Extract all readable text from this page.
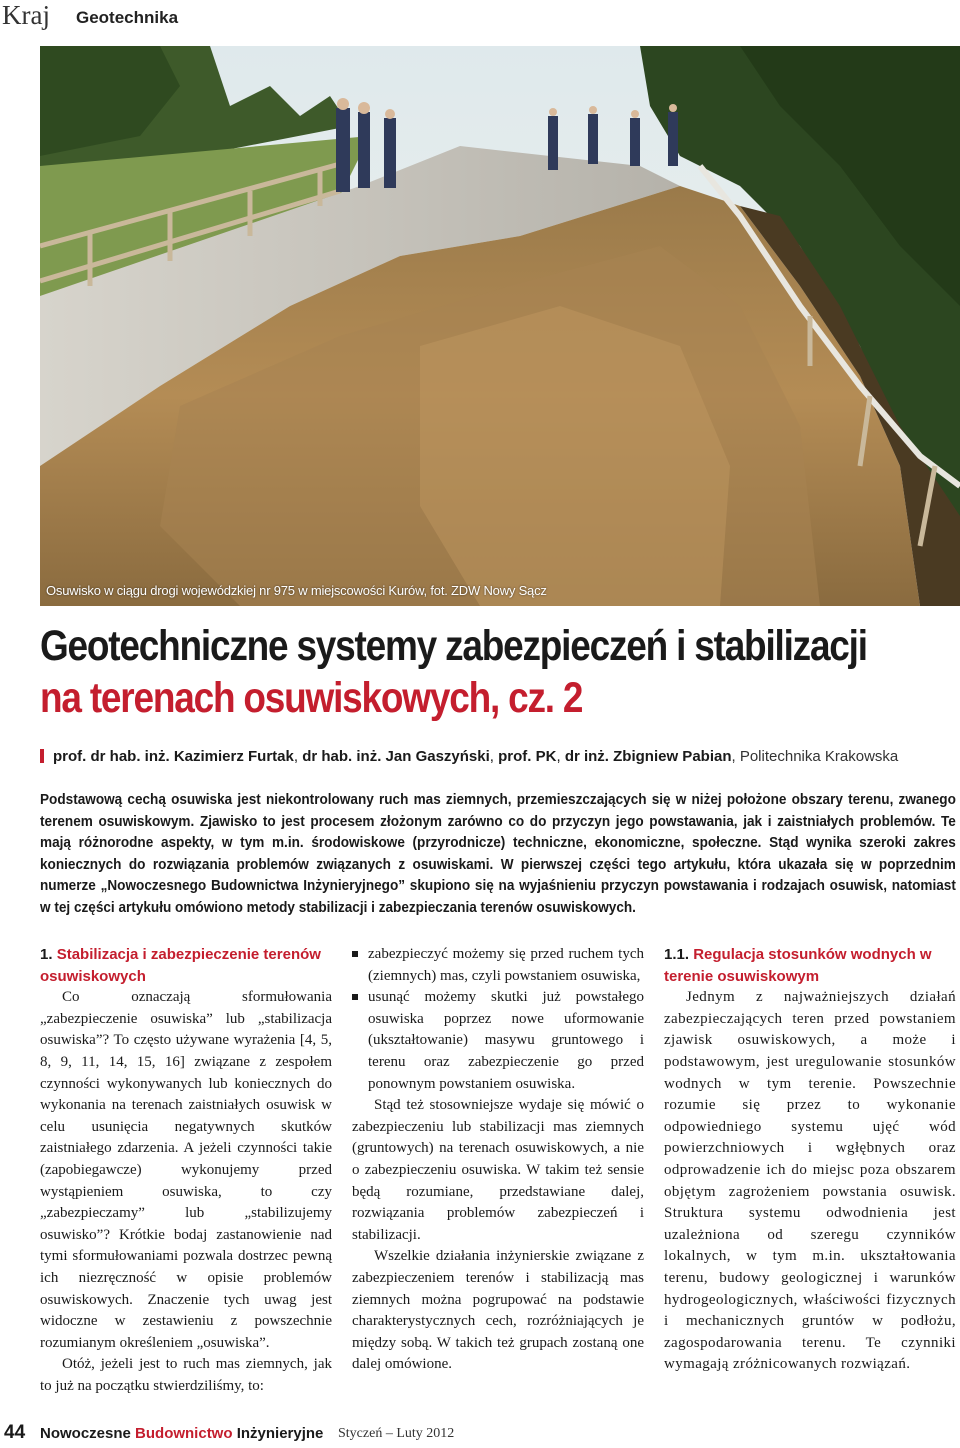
Kraj Geotechnika
Osuwisko w ciągu drogi wojewódzkiej nr 975 w miejscowości Kurów, fot. ZDW Nowy Sącz
Geotechniczne systemy zabezpieczeń i stabilizacji
na terenach osuwiskowych, cz. 2
prof. dr hab. inż. Kazimierz Furtak, dr hab. inż. Jan Gaszyński, prof. PK, dr inż. Zbigniew Pabian, Politechnika Krakowska
Podstawową cechą osuwiska jest niekontrolowany ruch mas ziemnych, przemieszczających się w niżej położone obszary terenu, zwanego terenem osuwiskowym. Zjawisko to jest procesem złożonym zarówno co do przyczyn jego powstawania, jak i zaistniałych problemów. Te mają różnorodne aspekty, w tym m.in. środowiskowe (przyrodnicze) techniczne, ekonomiczne, społeczne. Stąd wynika szeroki zakres koniecznych do rozwiązania problemów związanych z osuwiskami. W pierwszej części tego artykułu, która ukazała się w poprzednim numerze „Nowoczesnego Budownictwa Inżynieryjnego” skupiono się na wyjaśnieniu przyczyn powstawania i rodzajach osuwisk, natomiast w tej części artykułu omówiono metody stabilizacji i zabezpieczania terenów osuwiskowych.
1. Stabilizacja i zabezpieczenie terenów osuwiskowych

Co oznaczają sformułowania „zabezpieczenie osuwiska” lub „stabilizacja osuwiska”? To często używane wyrażenia [4, 5, 8, 9, 11, 14, 15, 16] związane z zespołem czynności wykonywanych lub koniecznych do wykonania na terenach zaistniałych osuwisk w celu usunięcia negatywnych skutków zaistniałego zdarzenia. A jeżeli czynności takie (zapobiegawcze) wykonujemy przed wystąpieniem osuwiska, to czy „zabezpieczamy” lub „stabilizujemy osuwisko”? Krótkie bodaj zastanowienie nad tymi sformułowaniami pozwala dostrzec pewną ich niezręczność w opisie problemów osuwiskowych. Znaczenie tych uwag jest widoczne w zestawieniu z powszechnie rozumianym określeniem „osuwiska”.

Otóż, jeżeli jest to ruch mas ziemnych, jak to już na początku stwierdziliśmy, to:

zabezpieczyć możemy się przed ruchem tych (ziemnych) mas, czyli powstaniem osuwiska,
usunąć możemy skutki już powstałego osuwiska poprzez nowe uformowanie (ukształtowanie) masywu gruntowego i terenu oraz zabezpieczenie go przed ponownym powstaniem osuwiska.

Stąd też stosowniejsze wydaje się mówić o zabezpieczeniu lub stabilizacji mas ziemnych (gruntowych) na terenach osuwiskowych, a nie o zabezpieczeniu osuwiska. W takim też sensie będą rozumiane, przedstawiane dalej, rozwiązania problemów zabezpieczeń i stabilizacji.

Wszelkie działania inżynierskie związane z zabezpieczeniem terenów i stabilizacją mas ziemnych można pogrupować na podstawie charakterystycznych cech, rozróżniających je między sobą. W takich też grupach zostaną one dalej omówione.

1.1. Regulacja stosunków wodnych w terenie osuwiskowym

Jednym z najważniejszych działań zabezpieczających teren przed powstaniem zjawisk osuwiskowych, a może i podstawowym, jest uregulowanie stosunków wodnych w tym terenie. Powszechnie rozumie się przez to wykonanie odpowiedniego systemu ujęć wód powierzchniowych i wgłębnych oraz odprowadzenie ich do miejsc poza obszarem objętym zagrożeniem powstania osuwisk. Struktura systemu odwodnienia jest uzależniona od szeregu czynników lokalnych, w tym m.in. ukształtowania terenu, budowy geologicznej i warunków hydrogeologicznych, właściwości fizycznych i mechanicznych gruntów w podłożu, zagospodarowania terenu. Te czynniki wymagają zróżnicowanych rozwiązań.

44 Nowoczesne Budownictwo Inżynieryjne Styczeń – Luty 2012
